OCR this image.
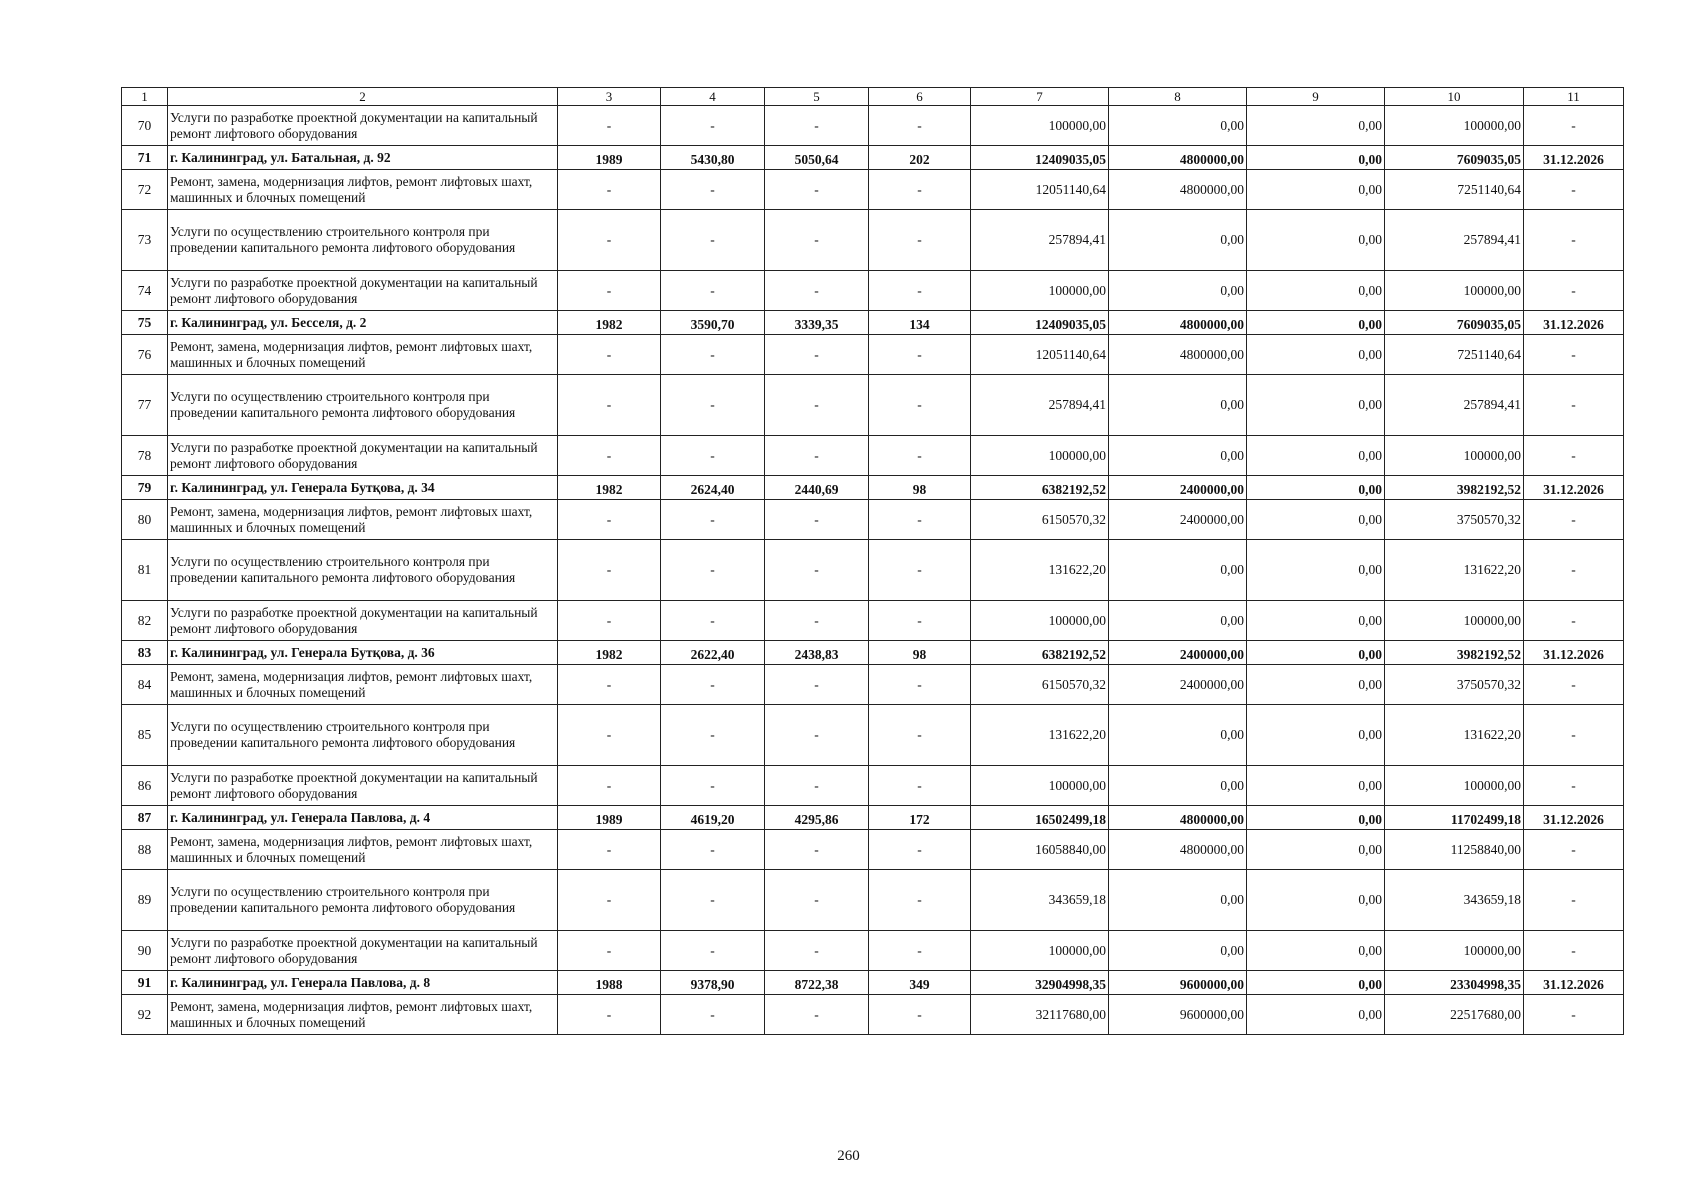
1	2	3	4	5	6	7	8	9	10	11
70	Услуги по разработке проектной документации на капитальный ремонт лифтового оборудования	-	-	-	-	100000,00	0,00	0,00	100000,00	-
71	г. Калининград, ул. Батальная, д. 92	1989	5430,80	5050,64	202	12409035,05	4800000,00	0,00	7609035,05	31.12.2026
72	Ремонт, замена, модернизация лифтов, ремонт лифтовых шахт, машинных и блочных помещений	-	-	-	-	12051140,64	4800000,00	0,00	7251140,64	-
73	Услуги по осуществлению строительного контроля при проведении капитального ремонта лифтового оборудования	-	-	-	-	257894,41	0,00	0,00	257894,41	-
74	Услуги по разработке проектной документации на капитальный ремонт лифтового оборудования	-	-	-	-	100000,00	0,00	0,00	100000,00	-
75	г. Калининград, ул. Бесселя, д. 2	1982	3590,70	3339,35	134	12409035,05	4800000,00	0,00	7609035,05	31.12.2026
76	Ремонт, замена, модернизация лифтов, ремонт лифтовых шахт, машинных и блочных помещений	-	-	-	-	12051140,64	4800000,00	0,00	7251140,64	-
77	Услуги по осуществлению строительного контроля при проведении капитального ремонта лифтового оборудования	-	-	-	-	257894,41	0,00	0,00	257894,41	-
78	Услуги по разработке проектной документации на капитальный ремонт лифтового оборудования	-	-	-	-	100000,00	0,00	0,00	100000,00	-
79	г. Калининград, ул. Генерала Бутқова, д. 34	1982	2624,40	2440,69	98	6382192,52	2400000,00	0,00	3982192,52	31.12.2026
80	Ремонт, замена, модернизация лифтов, ремонт лифтовых шахт, машинных и блочных помещений	-	-	-	-	6150570,32	2400000,00	0,00	3750570,32	-
81	Услуги по осуществлению строительного контроля при проведении капитального ремонта лифтового оборудования	-	-	-	-	131622,20	0,00	0,00	131622,20	-
82	Услуги по разработке проектной документации на капитальный ремонт лифтового оборудования	-	-	-	-	100000,00	0,00	0,00	100000,00	-
83	г. Калининград, ул. Генерала Бутқова, д. 36	1982	2622,40	2438,83	98	6382192,52	2400000,00	0,00	3982192,52	31.12.2026
84	Ремонт, замена, модернизация лифтов, ремонт лифтовых шахт, машинных и блочных помещений	-	-	-	-	6150570,32	2400000,00	0,00	3750570,32	-
85	Услуги по осуществлению строительного контроля при проведении капитального ремонта лифтового оборудования	-	-	-	-	131622,20	0,00	0,00	131622,20	-
86	Услуги по разработке проектной документации на капитальный ремонт лифтового оборудования	-	-	-	-	100000,00	0,00	0,00	100000,00	-
87	г. Калининград, ул. Генерала Павлова, д. 4	1989	4619,20	4295,86	172	16502499,18	4800000,00	0,00	11702499,18	31.12.2026
88	Ремонт, замена, модернизация лифтов, ремонт лифтовых шахт, машинных и блочных помещений	-	-	-	-	16058840,00	4800000,00	0,00	11258840,00	-
89	Услуги по осуществлению строительного контроля при проведении капитального ремонта лифтового оборудования	-	-	-	-	343659,18	0,00	0,00	343659,18	-
90	Услуги по разработке проектной документации на капитальный ремонт лифтового оборудования	-	-	-	-	100000,00	0,00	0,00	100000,00	-
91	г. Калининград, ул. Генерала Павлова, д. 8	1988	9378,90	8722,38	349	32904998,35	9600000,00	0,00	23304998,35	31.12.2026
92	Ремонт, замена, модернизация лифтов, ремонт лифтовых шахт, машинных и блочных помещений	-	-	-	-	32117680,00	9600000,00	0,00	22517680,00	-
260
